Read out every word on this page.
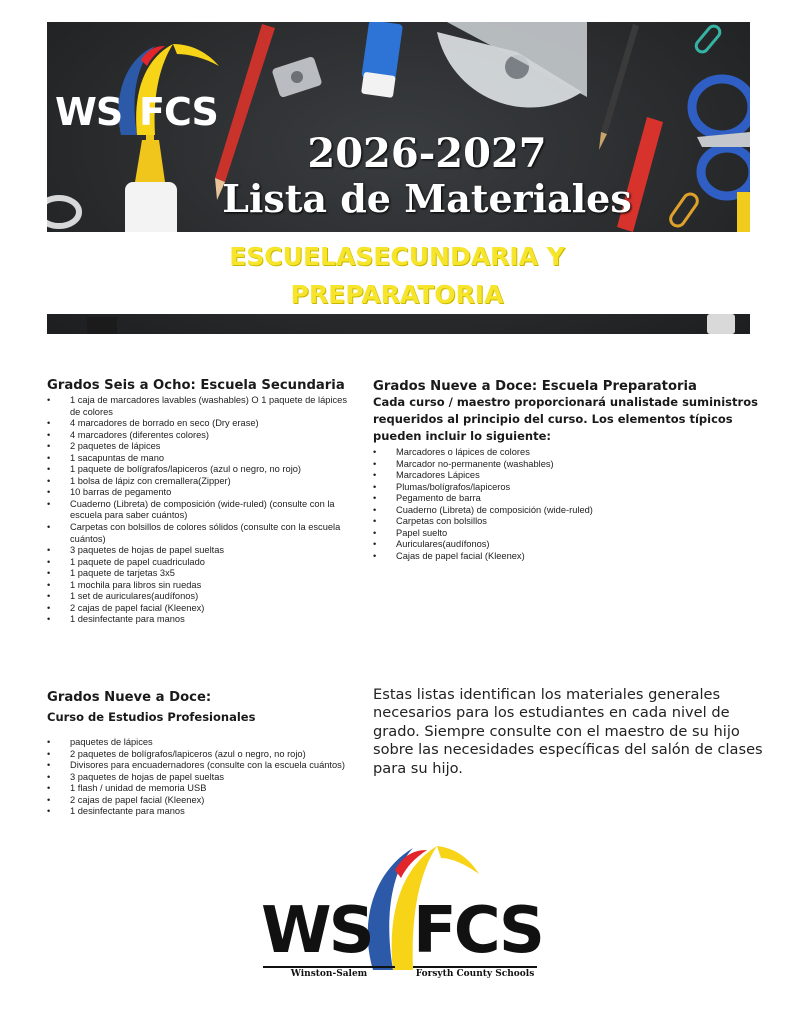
WS FCS
2026-2027
Lista de Materiales
ESCUELASECUNDARIA Y
PREPARATORIA
Grados Seis a Ocho: Escuela Secundaria
• 1 caja de marcadores lavables (washables) O 1 paquete de lápices de colores
• 4 marcadores de borrado en seco (Dry erase)
• 4 marcadores (diferentes colores)
• 2 paquetes de lápices
• 1 sacapuntas de mano
• 1 paquete de bolígrafos/lapiceros (azul o negro, no rojo)
• 1 bolsa de lápiz con cremallera(Zipper)
• 10 barras de pegamento
• Cuaderno (Libreta) de composición (wide-ruled) (consulte con la escuela para saber cuántos)
• Carpetas con bolsillos de colores sólidos (consulte con la escuela cuántos)
• 3 paquetes de hojas de papel sueltas
• 1 paquete de papel cuadriculado
• 1 paquete de tarjetas 3x5
• 1 mochila para libros sin ruedas
• 1 set de auriculares(audífonos)
• 2 cajas de papel facial (Kleenex)
• 1 desinfectante para manos
Grados Nueve a Doce: Escuela Preparatoria

Cada curso / maestro proporcionará unalistade suministros requeridos al principio del curso. Los elementos típicos pueden incluir lo siguiente:

• Marcadores o lápices de colores
• Marcador no-permanente (washables)
• Marcadores Lápices
• Plumas/bolígrafos/lapiceros
• Pegamento de barra
• Cuaderno (Libreta) de composición (wide-ruled)
• Carpetas con bolsillos
• Papel suelto
• Auriculares(audífonos)
• Cajas de papel facial (Kleenex)
Grados Nueve a Doce:

Curso de Estudios Profesionales

• paquetes de lápices
• 2 paquetes de bolígrafos/lapiceros (azul o negro, no rojo)
• Divisores para encuadernadores (consulte con la escuela cuántos)
• 3 paquetes de hojas de papel sueltas
• 1 flash / unidad de memoria USB
• 2 cajas de papel facial (Kleenex)
• 1 desinfectante para manos

Estas listas identifican los materiales generales necesarios para los estudiantes en cada nivel de grado. Siempre consulte con el maestro de su hijo sobre las necesidades específicas del salón de clases para su hijo.

WS FCS
Winston-Salem	Forsyth County Schools
